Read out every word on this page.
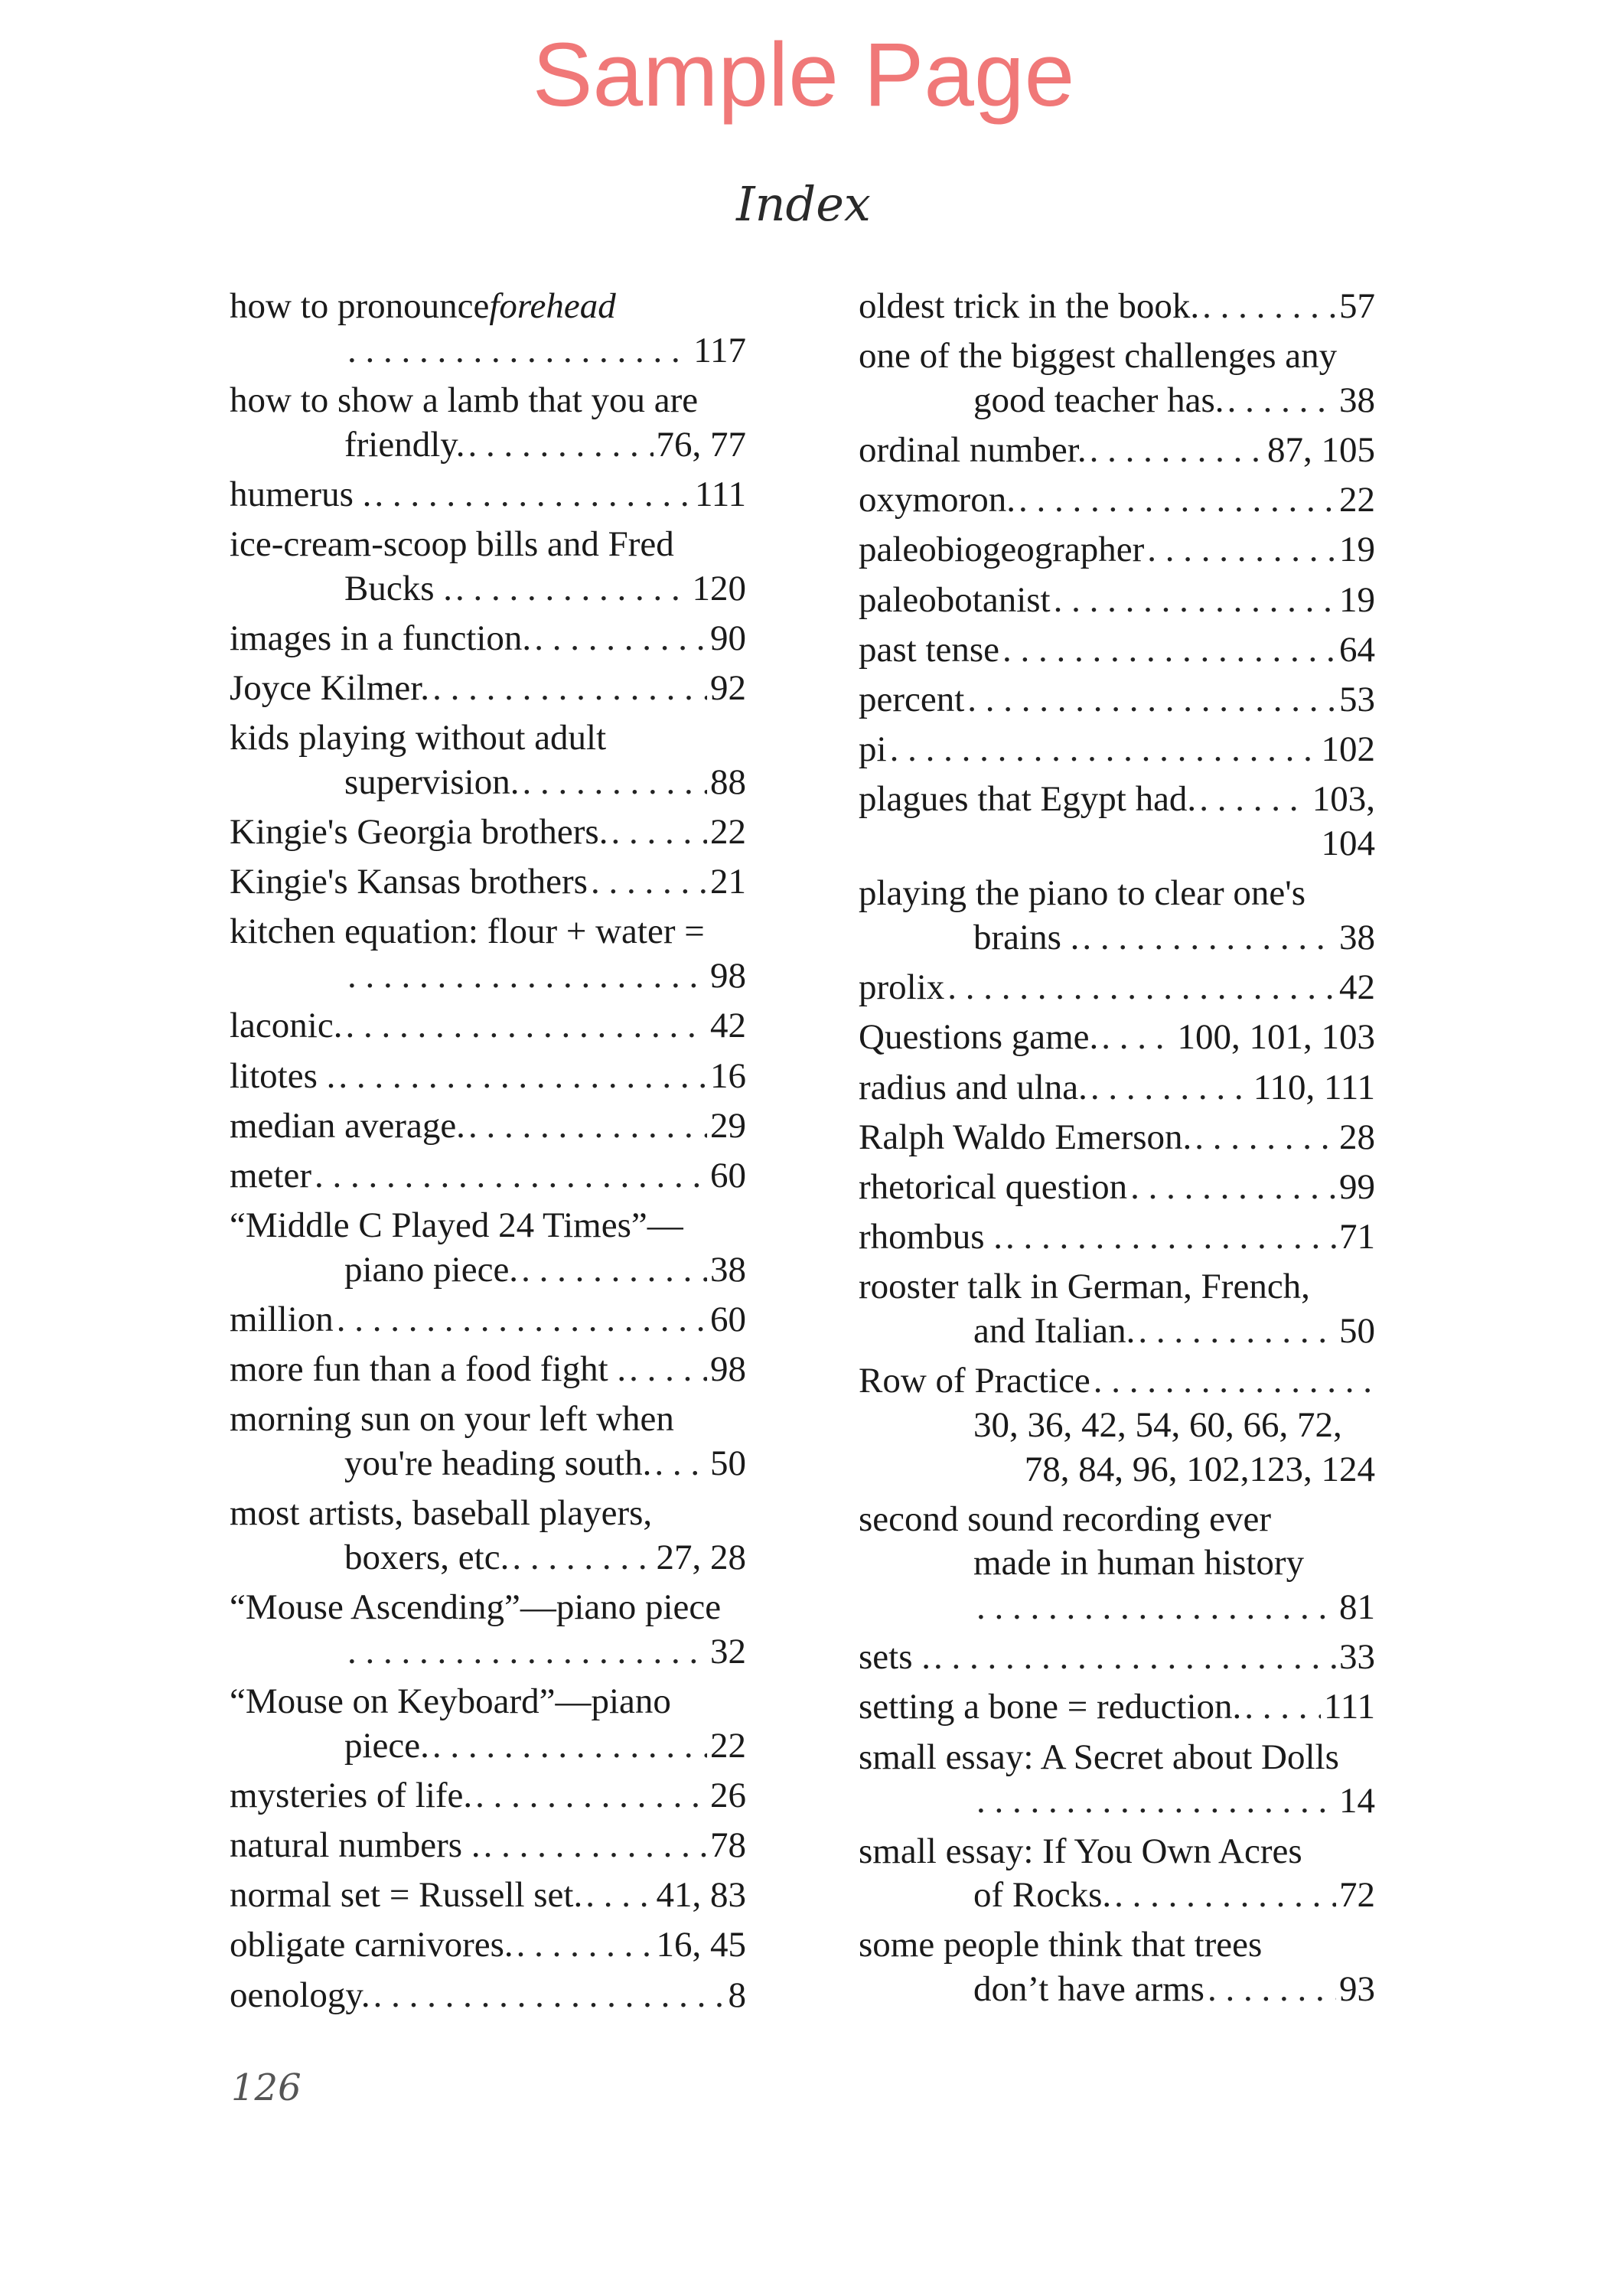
Sample Page
Index
how to pronounce forehead
. . .
117
how to show a lamb that you are
friendly. . . .	76, 77
humerus . . . .	111
ice-cream-scoop bills and Fred
Bucks . . . .	120
images in a function. . . .	90
Joyce Kilmer. . . .	92
kids playing without adult
supervision. . . .	88
Kingie's Georgia brothers. . . .	22
Kingie's Kansas brothers . . .	21
kitchen equation: flour + water =
. . .
98
laconic. . . .	42
litotes . . . .	16
median average. . . .	29
meter . . .	60
“Middle C Played 24 Times”—
piano piece. . . .	38
million . . .	60
more fun than a food fight . . . . 98
morning sun on your left when
you're heading south. . . . 50
most artists, baseball players,
boxers, etc. . . .	27, 28
“Mouse Ascending”—piano piece
. . .
32
“Mouse on Keyboard”—piano
piece. . . .	22
mysteries of life. . . .	26
natural numbers . . . .	78
normal set = Russell set. . . . 41, 83
obligate carnivores. . . .	16, 45
oenology. . . .	8
oldest trick in the book. . . .	57
one of the biggest challenges any
good teacher has. . . .	38
ordinal number. . . .	87, 105
oxymoron. . . .	22
paleobiogeographer . . .	19
paleobotanist . . .	19
past tense . . .	64
percent . . .	53
pi . . .	102
plagues that Egypt had. . . .	103,
104
playing the piano to clear one's
brains . . . .	38
prolix . . .	42
Questions game. . . . 100, 101, 103
radius and ulna. . . .	110, 111
Ralph Waldo Emerson. . . .	28
rhetorical question . . .	99
rhombus . . . .	71
rooster talk in German, French,
and Italian. . . .	50
Row of Practice
. . .
30, 36, 42, 54, 60, 66, 72,
78, 84, 96, 102,123, 124
second sound recording ever
made in human history
. . .
81
sets . . . .	33
setting a bone = reduction. . . . 111
small essay: A Secret about Dolls
. . .
14
small essay: If You Own Acres
of Rocks. . . .	72
some people think that trees
don’t have arms . . .	93
126
